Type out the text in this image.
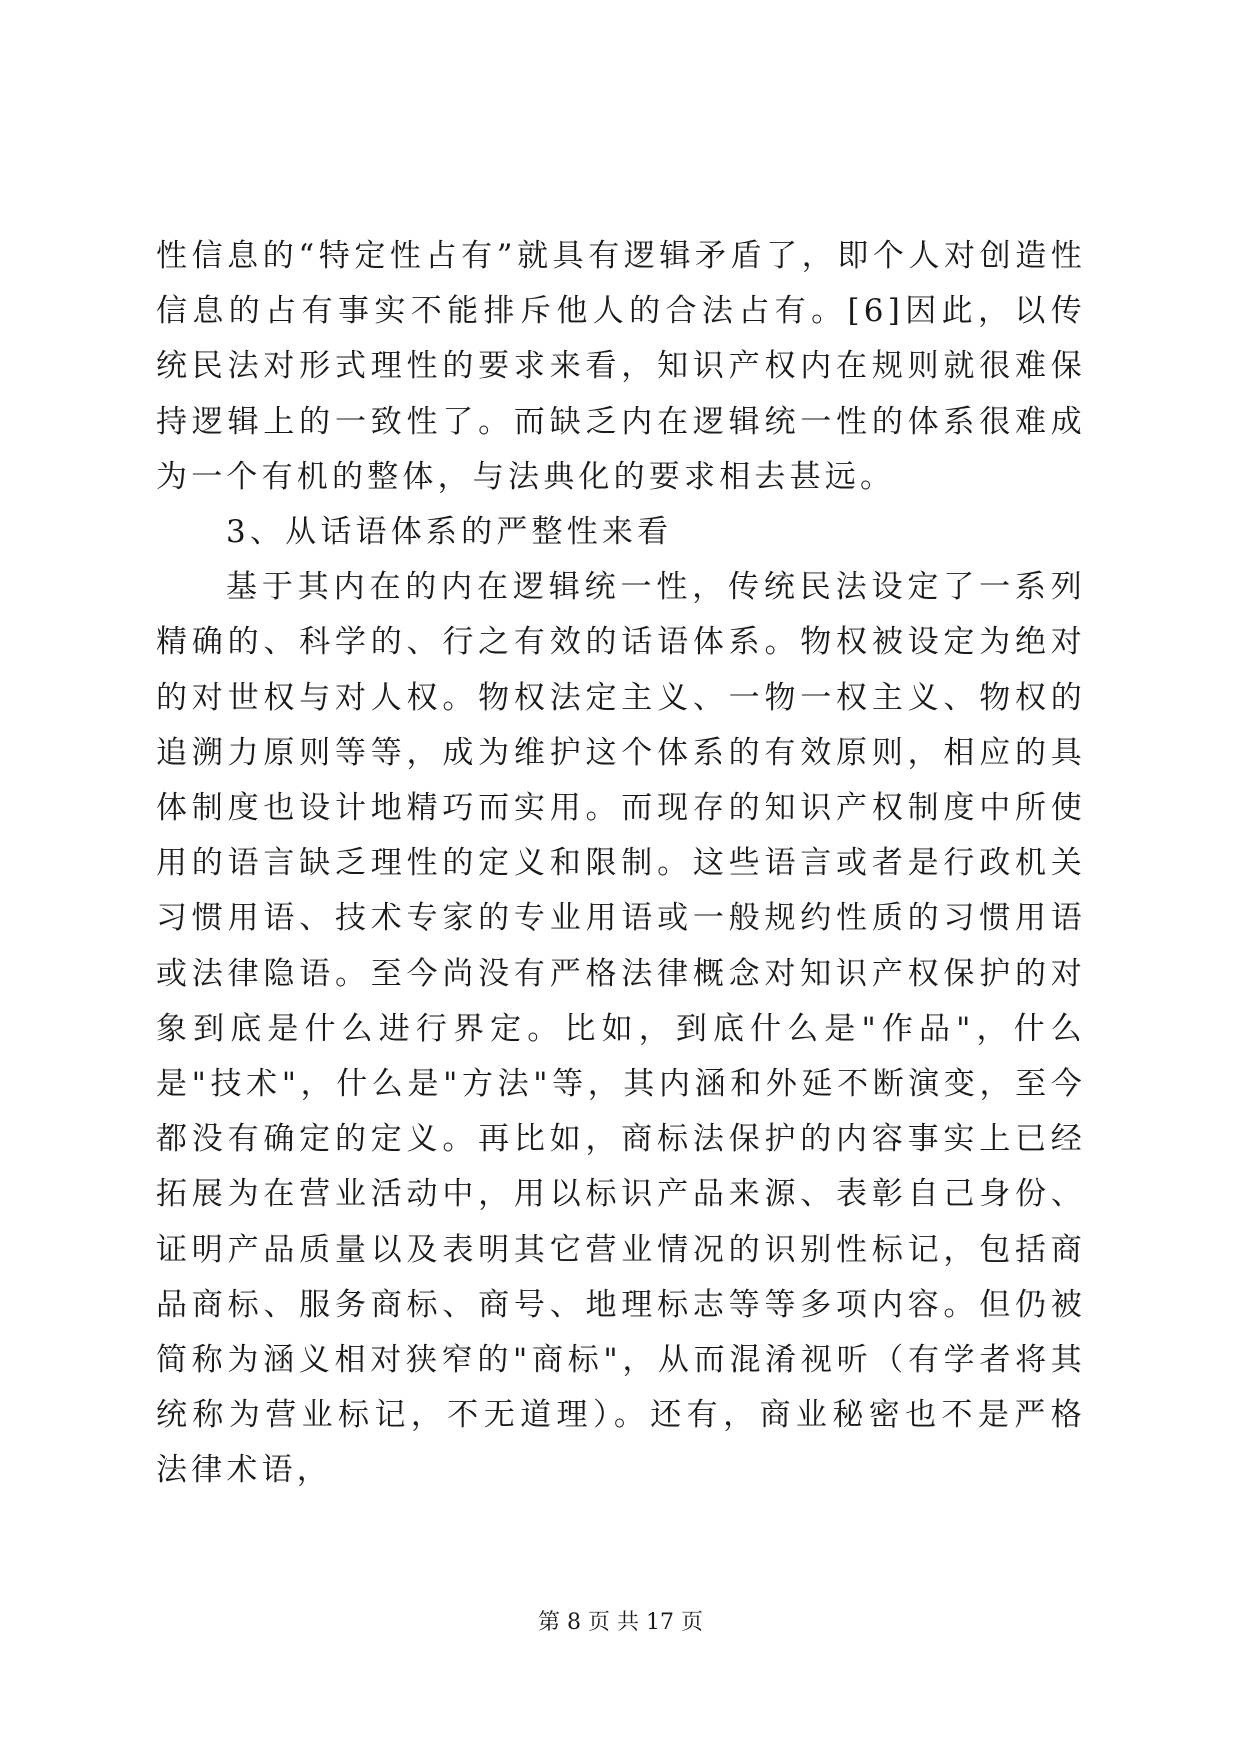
性信息的“特定性占有”就具有逻辑矛盾了，即个人对创造性信息的占有事实不能排斥他人的合法占有。[6]因此，以传统民法对形式理性的要求来看，知识产权内在规则就很难保持逻辑上的一致性了。而缺乏内在逻辑统一性的体系很难成为一个有机的整体，与法典化的要求相去甚远。

3、从话语体系的严整性来看

基于其内在的内在逻辑统一性，传统民法设定了一系列精确的、科学的、行之有效的话语体系。物权被设定为绝对的对世权与对人权。物权法定主义、一物一权主义、物权的追溯力原则等等，成为维护这个体系的有效原则，相应的具体制度也设计地精巧而实用。而现存的知识产权制度中所使用的语言缺乏理性的定义和限制。这些语言或者是行政机关习惯用语、技术专家的专业用语或一般规约性质的习惯用语或法律隐语。至今尚没有严格法律概念对知识产权保护的对象到底是什么进行界定。比如，到底什么是"作品"，什么是"技术"，什么是"方法"等，其内涵和外延不断演变，至今都没有确定的定义。再比如，商标法保护的内容事实上已经拓展为在营业活动中，用以标识产品来源、表彰自己身份、证明产品质量以及表明其它营业情况的识别性标记，包括商品商标、服务商标、商号、地理标志等等多项内容。但仍被简称为涵义相对狭窄的"商标"，从而混淆视听（有学者将其统称为营业标记，不无道理）。还有，商业秘密也不是严格法律术语，

第 8 页 共 17 页
